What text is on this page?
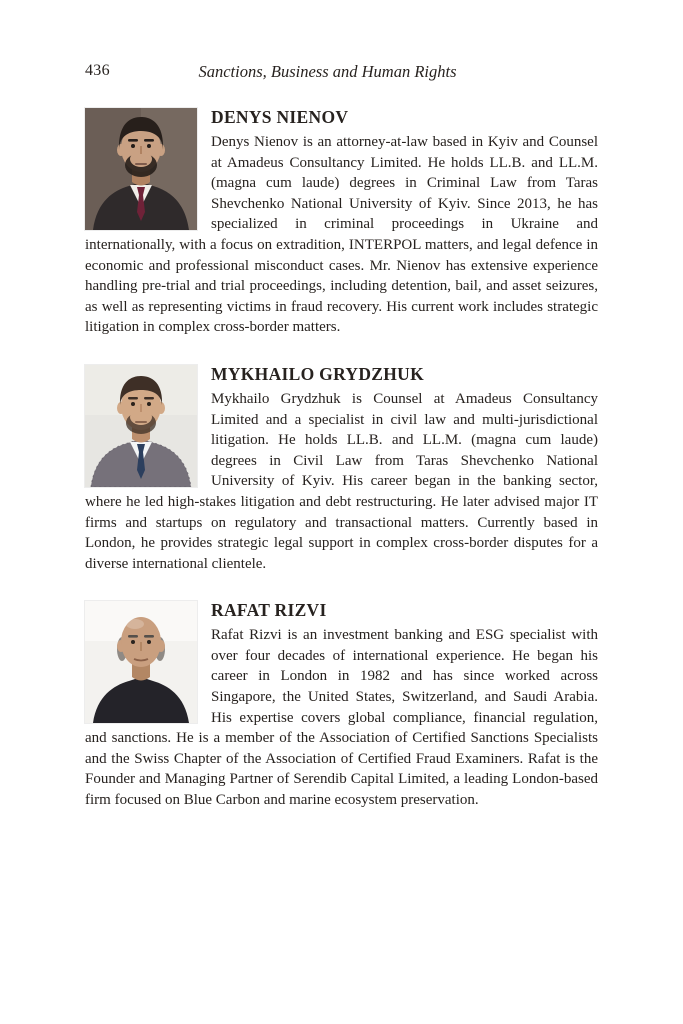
436	Sanctions, Business and Human Rights
DENYS NIENOV

Denys Nienov is an attorney-at-law based in Kyiv and Counsel at Amadeus Consultancy Limited. He holds LL.B. and LL.M. (magna cum laude) degrees in Criminal Law from Taras Shevchenko National University of Kyiv. Since 2013, he has specialized in criminal proceedings in Ukraine and internationally, with a focus on extradition, INTERPOL matters, and legal defence in economic and professional misconduct cases. Mr. Nienov has extensive experience handling pre-trial and trial proceedings, including detention, bail, and asset seizures, as well as representing victims in fraud recovery. His current work includes strategic litigation in complex cross-border matters.

MYKHAILO GRYDZHUK

Mykhailo Grydzhuk is Counsel at Amadeus Consultancy Limited and a specialist in civil law and multi-jurisdictional litigation. He holds LL.B. and LL.M. (magna cum laude) degrees in Civil Law from Taras Shevchenko National University of Kyiv. His career began in the banking sector, where he led high-stakes litigation and debt restructuring. He later advised major IT firms and startups on regulatory and transactional matters. Currently based in London, he provides strategic legal support in complex cross-border disputes for a diverse international clientele.

RAFAT RIZVI

Rafat Rizvi is an investment banking and ESG specialist with over four decades of international experience. He began his career in London in 1982 and has since worked across Singapore, the United States, Switzerland, and Saudi Arabia. His expertise covers global compliance, financial regulation, and sanctions. He is a member of the Association of Certified Sanctions Specialists and the Swiss Chapter of the Association of Certified Fraud Examiners. Rafat is the Founder and Managing Partner of Serendib Capital Limited, a leading London-based firm focused on Blue Carbon and marine ecosystem preservation.
